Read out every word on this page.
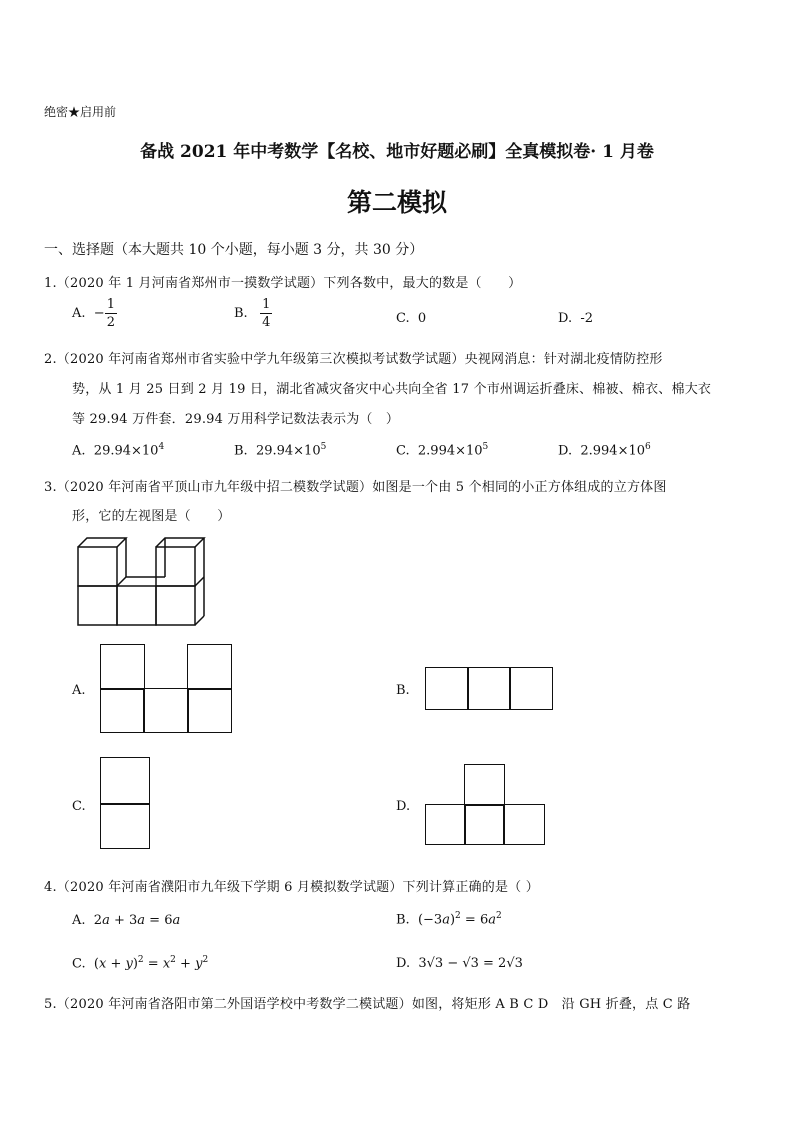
绝密★启用前
备战 2021 年中考数学【名校、地市好题必刷】全真模拟卷· 1 月卷
第二模拟
一、选择题（本大题共 10 个小题，每小题 3 分，共 30 分）
1.（2020 年 1 月河南省郑州市一摸数学试题）下列各数中，最大的数是（　　）
A. − $\frac{1}{2}$	B. $\frac{1}{4}$	C. 0	D. -2
2.（2020 年河南省郑州市省实验中学九年级第三次模拟考试数学试题）央视网消息：针对湖北疫情防控形
势，从 1 月 25 日到 2 月 19 日，湖北省减灾备灾中心共向全省 17 个市州调运折叠床、棉被、棉衣、棉大衣
等 29.94 万件套．29.94 万用科学记数法表示为（　）
A. $29.94\times 10^4$	B. $29.94\times 10^5$	C. $2.994\times 10^5$	D. $2.994\times 10^6$
3.（2020 年河南省平顶山市九年级中招二模数学试题）如图是一个由 5 个相同的小正方体组成的立方体图
形，它的左视图是（　　）
A.	B.
C.	D.
4.（2020 年河南省濮阳市九年级下学期 6 月模拟数学试题）下列计算正确的是（ ）
A. 2a + 3a = 6a	B. $(-3a)^2 = 6a^2$
C. $(x + y)^2 = x^2 + y^2$	D. 3√3 − √3 = 2√3
5.（2020 年河南省洛阳市第二外国语学校中考数学二模试题）如图，将矩形 A B C D　沿 GH 折叠，点 C 路
